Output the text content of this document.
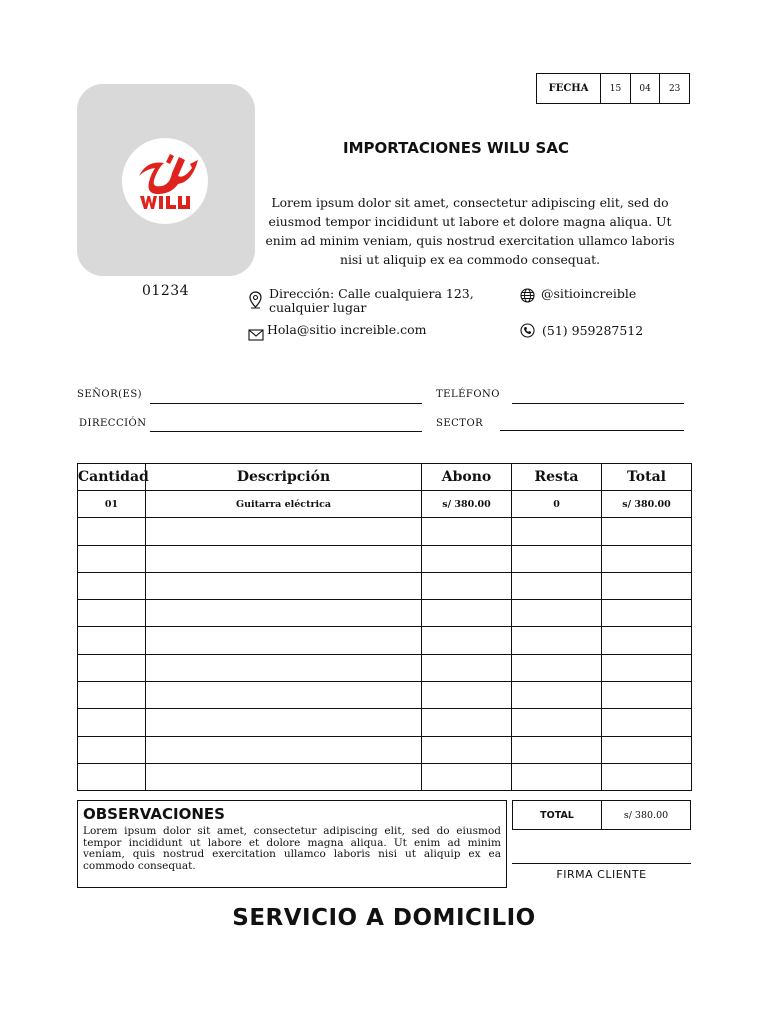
FECHA	15	04	23
01234
IMPORTACIONES WILU SAC
Lorem ipsum dolor sit amet, consectetur adipiscing elit, sed do eiusmod tempor incididunt ut labore et dolore magna aliqua. Ut enim ad minim veniam, quis nostrud exercitation ullamco laboris nisi ut aliquip ex ea commodo consequat.
Dirección: Calle cualquiera 123,
cualquier lugar
Hola@sitio increible.com
@sitioincreible
(51) 959287512
SEÑOR(ES)	TELÉFONO
DIRECCIÓN	SECTOR
Cantidad	Descripción	Abono	Resta	Total
01	Guitarra eléctrica	s/ 380.00	0	s/ 380.00

OBSERVACIONES
Lorem ipsum dolor sit amet, consectetur adipiscing elit, sed do eiusmod tempor incididunt ut labore et dolore magna aliqua. Ut enim ad minim veniam, quis nostrud exercitation ullamco laboris nisi ut aliquip ex ea commodo consequat.
TOTAL	s/ 380.00
FIRMA CLIENTE
SERVICIO A DOMICILIO
